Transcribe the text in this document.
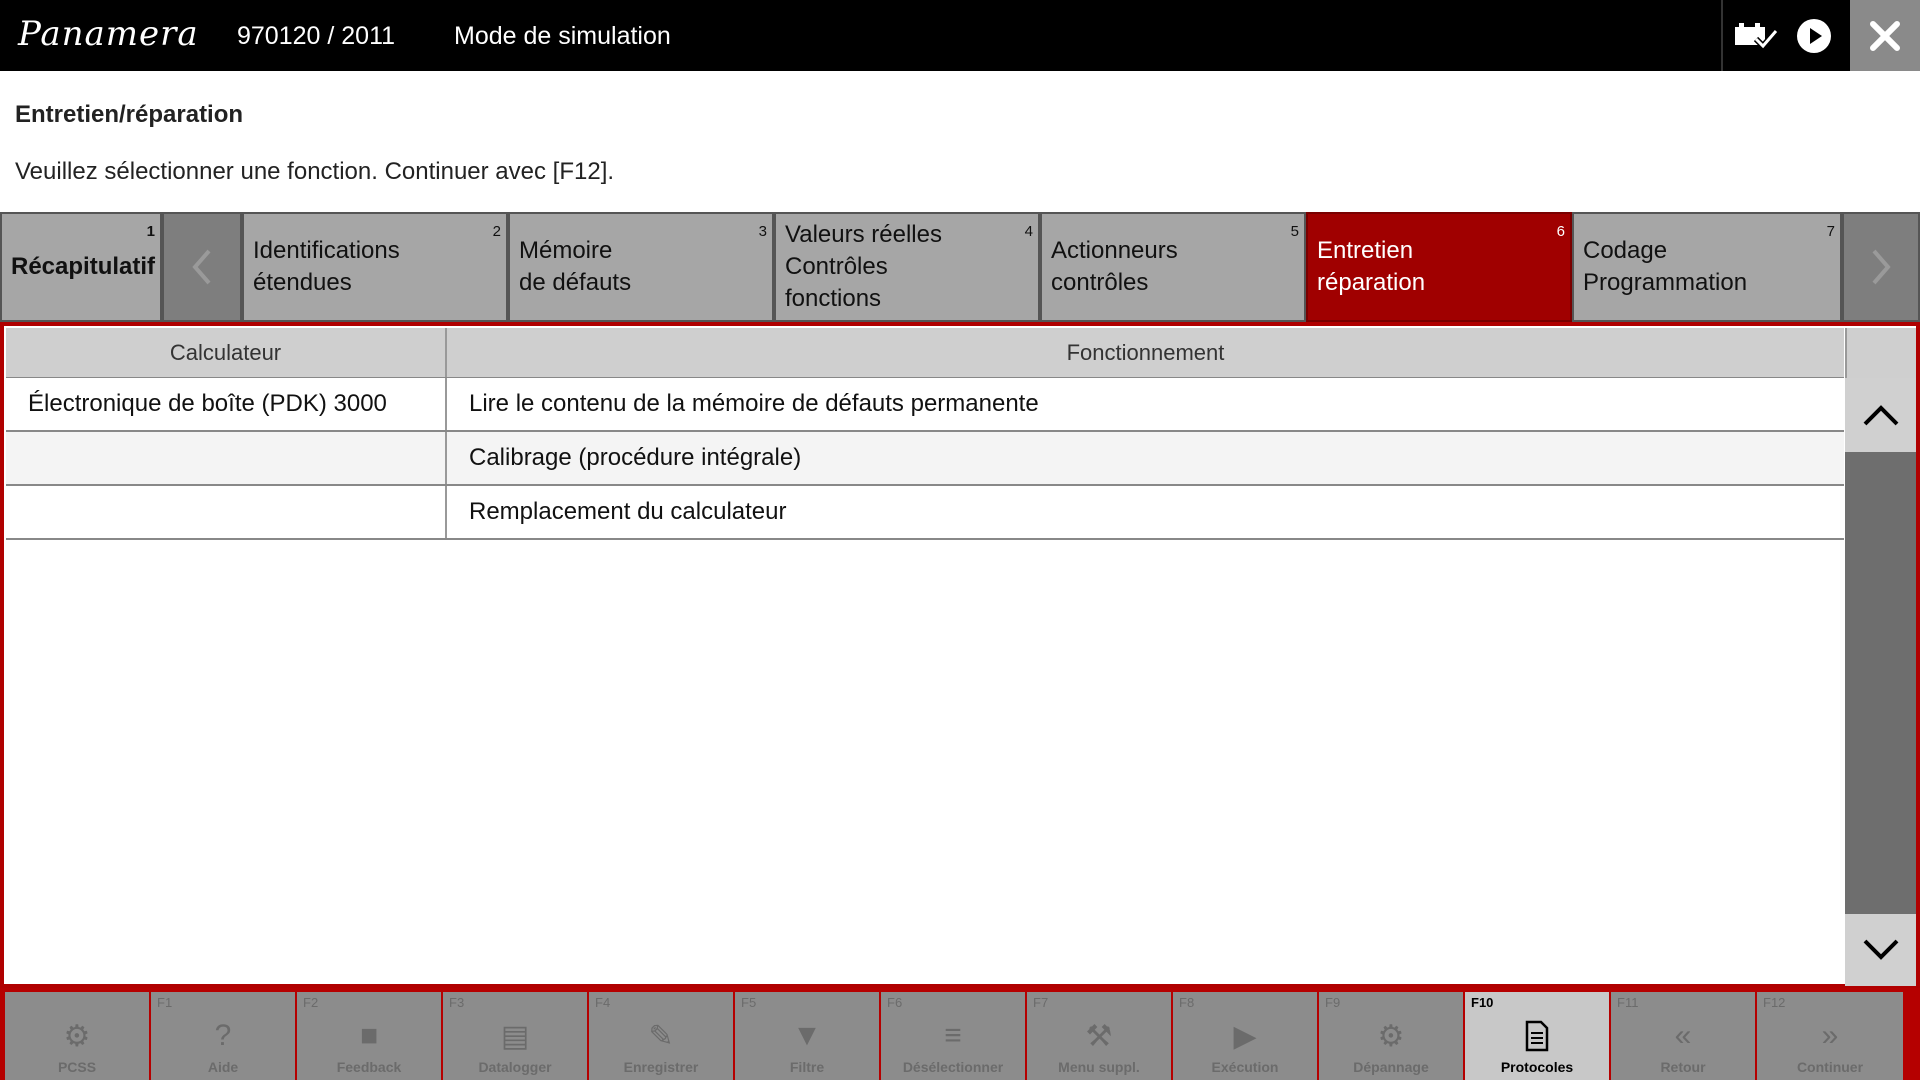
Panamera 970120 / 2011 Mode de simulation
Entretien/réparation
Veuillez sélectionner une fonction. Continuer avec [F12].
1
Récapitulatif
2
Identifications
étendues
3
Mémoire
de défauts
4
Valeurs réelles
Contrôles
fonctions
5
Actionneurs
contrôles
6
Entretien
réparation
7
Codage
Programmation
Calculateur	Fonctionnement
Électronique de boîte (PDK) 3000	Lire le contenu de la mémoire de défauts permanente
Calibrage (procédure intégrale)
Remplacement du calculateur
⚙
PCSS
F1
?
Aide
F2
■
Feedback
F3
▤
Datalogger
F4
✎
Enregistrer
F5
▼
Filtre
F6
≡
Désélectionner
F7
⚒
Menu suppl.
F8
▶
Exécution
F9
⚙
Dépannage
F10
Protocoles
F11
«
Retour
F12
»
Continuer
